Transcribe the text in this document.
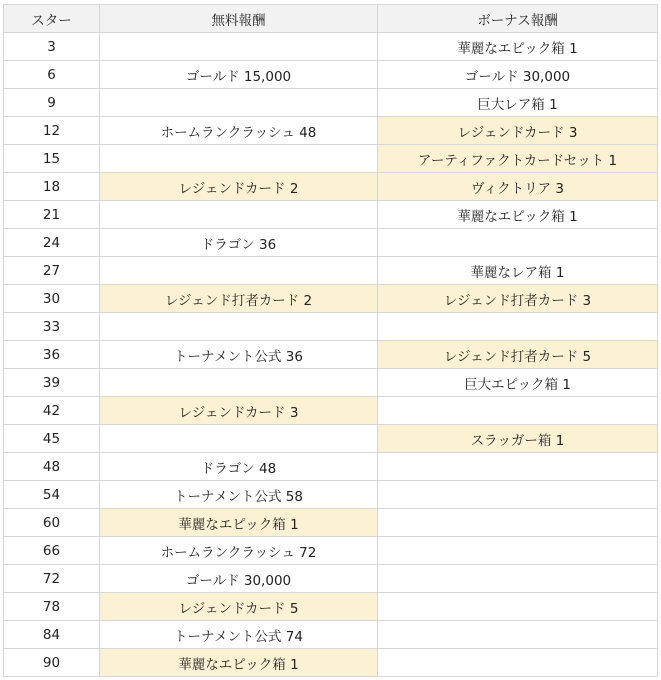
スター	無料報酬	ボーナス報酬
3		華麗なエピック箱 1
6	ゴールド 15,000	ゴールド 30,000
9		巨大レア箱 1
12	ホームランクラッシュ 48	レジェンドカード 3
15		アーティファクトカードセット 1
18	レジェンドカード 2	ヴィクトリア 3
21		華麗なエピック箱 1
24	ドラゴン 36	
27		華麗なレア箱 1
30	レジェンド打者カード 2	レジェンド打者カード 3
33		
36	トーナメント公式 36	レジェンド打者カード 5
39		巨大エピック箱 1
42	レジェンドカード 3	
45		スラッガー箱 1
48	ドラゴン 48	
54	トーナメント公式 58	
60	華麗なエピック箱 1	
66	ホームランクラッシュ 72	
72	ゴールド 30,000	
78	レジェンドカード 5	
84	トーナメント公式 74	
90	華麗なエピック箱 1	
